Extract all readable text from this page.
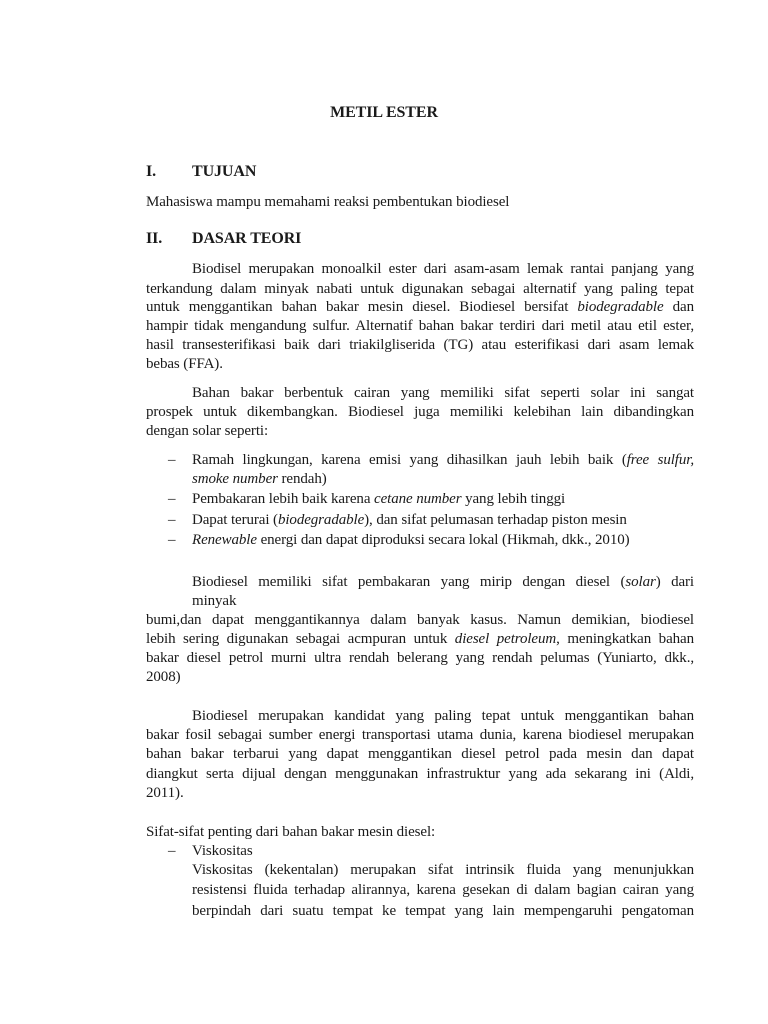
METIL ESTER
I. TUJUAN
Mahasiswa mampu memahami reaksi pembentukan biodiesel
II. DASAR TEORI
Biodisel merupakan monoalkil ester dari asam-asam lemak rantai panjang yang
terkandung dalam minyak nabati untuk digunakan sebagai alternatif yang paling tepat
untuk menggantikan bahan bakar mesin diesel. Biodiesel bersifat biodegradable dan
hampir tidak mengandung sulfur. Alternatif bahan bakar terdiri dari metil atau etil ester,
hasil transesterifikasi baik dari triakilgliserida (TG) atau esterifikasi dari asam lemak
bebas (FFA).
Bahan bakar berbentuk cairan yang memiliki sifat seperti solar ini sangat
prospek untuk dikembangkan. Biodiesel juga memiliki kelebihan lain dibandingkan
dengan solar seperti:
– Ramah lingkungan, karena emisi yang dihasilkan jauh lebih baik (free sulfur,
smoke number rendah)
– Pembakaran lebih baik karena cetane number yang lebih tinggi
– Dapat terurai (biodegradable), dan sifat pelumasan terhadap piston mesin
– Renewable energi dan dapat diproduksi secara lokal (Hikmah, dkk., 2010)
Biodiesel memiliki sifat pembakaran yang mirip dengan diesel (solar) dari
minyak
bumi,dan dapat menggantikannya dalam banyak kasus. Namun demikian, biodiesel
lebih sering digunakan sebagai acmpuran untuk diesel petroleum, meningkatkan bahan
bakar diesel petrol murni ultra rendah belerang yang rendah pelumas (Yuniarto, dkk.,
2008)
Biodiesel merupakan kandidat yang paling tepat untuk menggantikan bahan
bakar fosil sebagai sumber energi transportasi utama dunia, karena biodiesel merupakan
bahan bakar terbarui yang dapat menggantikan diesel petrol pada mesin dan dapat
diangkut serta dijual dengan menggunakan infrastruktur yang ada sekarang ini (Aldi,
2011).
Sifat-sifat penting dari bahan bakar mesin diesel:
– Viskositas
Viskositas (kekentalan) merupakan sifat intrinsik fluida yang menunjukkan
resistensi fluida terhadap alirannya, karena gesekan di dalam bagian cairan yang
berpindah dari suatu tempat ke tempat yang lain mempengaruhi pengatoman
